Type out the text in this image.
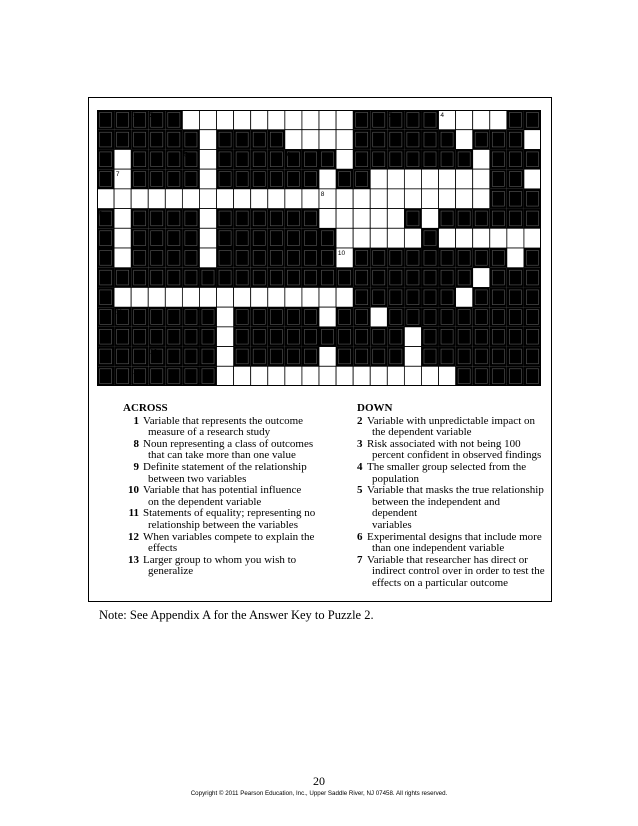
1 2	3	4
5	6
7
8
9
10
11
12
13
ACROSS
1 Variable that represents the outcome
measure of a research study
8 Noun representing a class of outcomes
that can take more than one value
9 Definite statement of the relationship
between two variables
10 Variable that has potential influence
on the dependent variable
11 Statements of equality; representing no
relationship between the variables
12 When variables compete to explain the
effects
13 Larger group to whom you wish to
generalize
DOWN
2 Variable with unpredictable impact on
the dependent variable
3 Risk associated with not being 100
percent confident in observed findings
4 The smaller group selected from the
population
5 Variable that masks the true relationship
between the independent and dependent
variables
6 Experimental designs that include more
than one independent variable
7 Variable that researcher has direct or
indirect control over in order to test the
effects on a particular outcome
Note: See Appendix A for the Answer Key to Puzzle 2.
20
Copyright © 2011 Pearson Education, Inc., Upper Saddle River, NJ 07458. All rights reserved.
